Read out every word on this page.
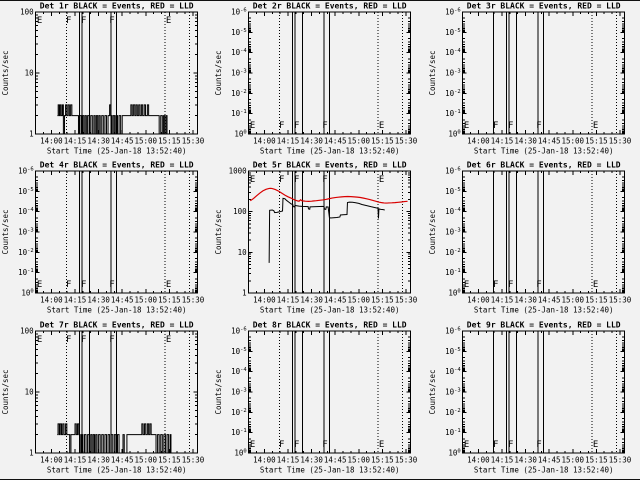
E	F F	F	E
14:00 14:15 14:30 14:45 15:00 15:15 15:30
1
10
100
Det 1r BLACK = Events, RED = LLD
Start Time (25-Jan-18 13:52:40)
Counts/sec
E	F F	F	E
14:00 14:15 14:30 14:45 15:00 15:15 15:30
$10^0$
$10^{-1}$
$10^{-2}$
$10^{-3}$
$10^{-4}$
$10^{-5}$
$10^{-6}$ Det 2r BLACK = Events, RED = LLD
Start Time (25-Jan-18 13:52:40)
Counts/sec
E	F F	F	E
14:00 14:15 14:30 14:45 15:00 15:15 15:30
$10^0$
$10^{-1}$
$10^{-2}$
$10^{-3}$
$10^{-4}$
$10^{-5}$
$10^{-6}$ Det 3r BLACK = Events, RED = LLD
Start Time (25-Jan-18 13:52:40)
Counts/sec
E	F F	F	E
14:00 14:15 14:30 14:45 15:00 15:15 15:30
$10^0$
$10^{-1}$
$10^{-2}$
$10^{-3}$
$10^{-4}$
$10^{-5}$
$10^{-6}$ Det 4r BLACK = Events, RED = LLD
Start Time (25-Jan-18 13:52:40)
Counts/sec
E	F F	F	E
14:00 14:15 14:30 14:45 15:00 15:15 15:30
1
10
100
1000
Det 5r BLACK = Events, RED = LLD
Start Time (25-Jan-18 13:52:40)
Counts/sec
E	F F	F	E
14:00 14:15 14:30 14:45 15:00 15:15 15:30
$10^0$
$10^{-1}$
$10^{-2}$
$10^{-3}$
$10^{-4}$
$10^{-5}$
$10^{-6}$ Det 6r BLACK = Events, RED = LLD
Start Time (25-Jan-18 13:52:40)
Counts/sec
E	F F	F	E
14:00 14:15 14:30 14:45 15:00 15:15 15:30
1
10
100
Det 7r BLACK = Events, RED = LLD
Start Time (25-Jan-18 13:52:40)
Counts/sec
E	F F	F	E
14:00 14:15 14:30 14:45 15:00 15:15 15:30
$10^0$
$10^{-1}$
$10^{-2}$
$10^{-3}$
$10^{-4}$
$10^{-5}$
$10^{-6}$ Det 8r BLACK = Events, RED = LLD
Start Time (25-Jan-18 13:52:40)
Counts/sec
E	F F	F	E
14:00 14:15 14:30 14:45 15:00 15:15 15:30
$10^0$
$10^{-1}$
$10^{-2}$
$10^{-3}$
$10^{-4}$
$10^{-5}$
$10^{-6}$ Det 9r BLACK = Events, RED = LLD
Start Time (25-Jan-18 13:52:40)
Counts/sec
